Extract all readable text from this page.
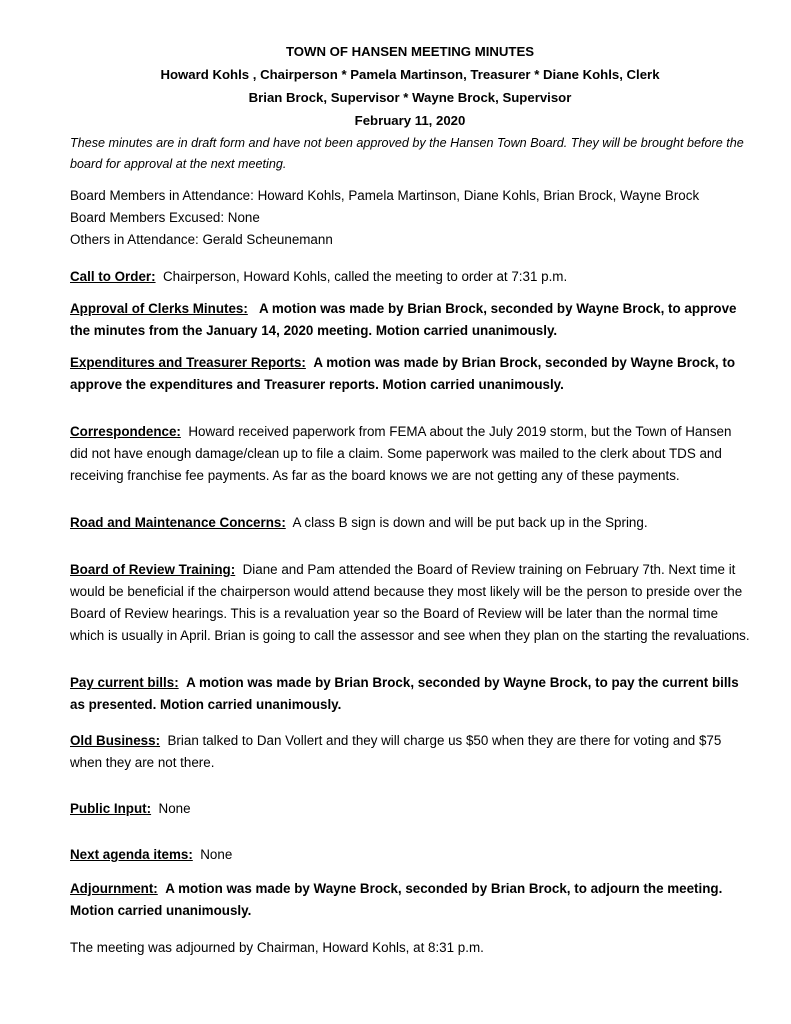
TOWN OF HANSEN MEETING MINUTES
Howard Kohls , Chairperson * Pamela Martinson, Treasurer * Diane Kohls, Clerk
Brian Brock, Supervisor * Wayne Brock, Supervisor
February 11, 2020
These minutes are in draft form and have not been approved by the Hansen Town Board. They will be brought before the board for approval at the next meeting.
Board Members in Attendance: Howard Kohls, Pamela Martinson, Diane Kohls, Brian Brock, Wayne Brock
Board Members Excused: None
Others in Attendance: Gerald Scheunemann

Call to Order: Chairperson, Howard Kohls, called the meeting to order at 7:31 p.m.

Approval of Clerks Minutes: A motion was made by Brian Brock, seconded by Wayne Brock, to approve the minutes from the January 14, 2020 meeting. Motion carried unanimously.

Expenditures and Treasurer Reports: A motion was made by Brian Brock, seconded by Wayne Brock, to approve the expenditures and Treasurer reports. Motion carried unanimously.

Correspondence: Howard received paperwork from FEMA about the July 2019 storm, but the Town of Hansen did not have enough damage/clean up to file a claim. Some paperwork was mailed to the clerk about TDS and receiving franchise fee payments. As far as the board knows we are not getting any of these payments.

Road and Maintenance Concerns: A class B sign is down and will be put back up in the Spring.

Board of Review Training: Diane and Pam attended the Board of Review training on February 7th. Next time it would be beneficial if the chairperson would attend because they most likely will be the person to preside over the Board of Review hearings. This is a revaluation year so the Board of Review will be later than the normal time which is usually in April. Brian is going to call the assessor and see when they plan on the starting the revaluations.

Pay current bills: A motion was made by Brian Brock, seconded by Wayne Brock, to pay the current bills as presented. Motion carried unanimously.

Old Business: Brian talked to Dan Vollert and they will charge us $50 when they are there for voting and $75 when they are not there.

Public Input: None

Next agenda items: None

Adjournment: A motion was made by Wayne Brock, seconded by Brian Brock, to adjourn the meeting. Motion carried unanimously.

The meeting was adjourned by Chairman, Howard Kohls, at 8:31 p.m.
